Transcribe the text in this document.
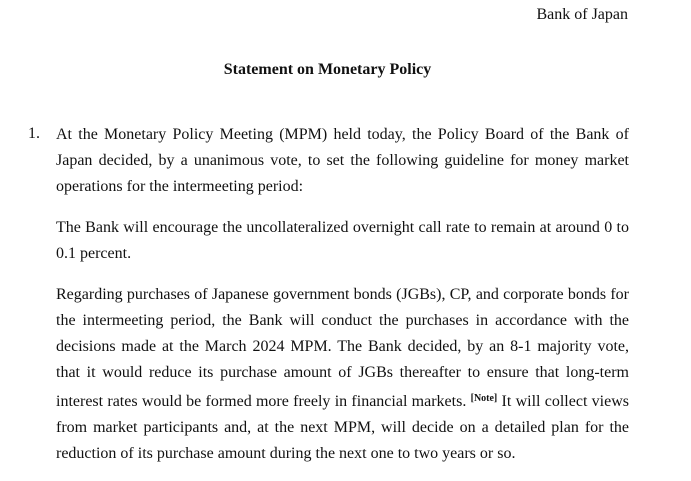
Bank of Japan
Statement on Monetary Policy
1. At the Monetary Policy Meeting (MPM) held today, the Policy Board of the Bank of Japan decided, by a unanimous vote, to set the following guideline for money market operations for the intermeeting period:
The Bank will encourage the uncollateralized overnight call rate to remain at around 0 to 0.1 percent.
Regarding purchases of Japanese government bonds (JGBs), CP, and corporate bonds for the intermeeting period, the Bank will conduct the purchases in accordance with the decisions made at the March 2024 MPM. The Bank decided, by an 8-1 majority vote, that it would reduce its purchase amount of JGBs thereafter to ensure that long-term interest rates would be formed more freely in financial markets. [Note] It will collect views from market participants and, at the next MPM, will decide on a detailed plan for the reduction of its purchase amount during the next one to two years or so.
